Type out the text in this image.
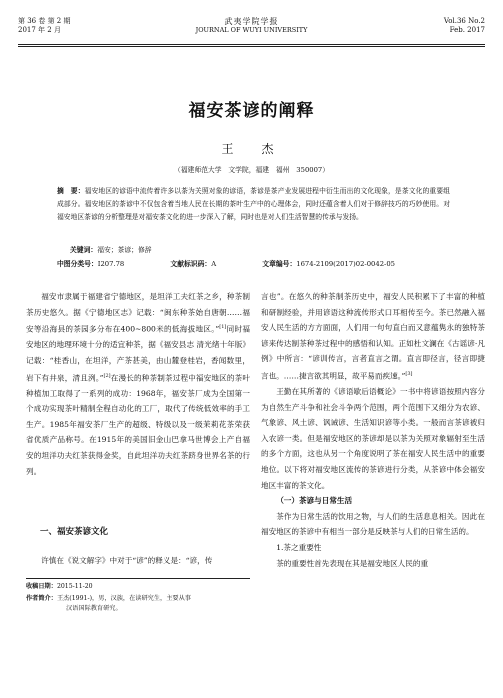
第 36 卷 第 2 期
2017 年 2 月
武夷学院学报
JOURNAL OF WUYI UNIVERSITY
Vol.36 No.2
Feb. 2017
福安茶谚的阐释
王　杰
（福建师范大学　文学院，福建　福州　350007）
摘　要：福安地区的谚语中流传着许多以茶为关照对象的谚语，茶谚是茶产业发展进程中衍生而出的文化现象，是茶文化的重要组成部分。福安地区的茶谚中不仅包含着当地人民在长期的茶叶生产中的心理体会，同时还蕴含着人们对于修辞技巧的巧妙使用。对福安地区茶谚的分析整理是对福安茶文化的进一步深入了解，同时也是对人们生活智慧的传承与发扬。
关键词：福安；茶谚；修辞
中图分类号：I207.78	文献标识码：A	文章编号：1674-2109(2017)02-0042-05

福安市隶属于福建省宁德地区，是坦洋工夫红茶之乡，种茶制茶历史悠久。据《宁德地区志》记载：“闽东种茶始自唐朝……福安等沿海县的茶园多分布在400~800米的低海拔地区。”[1]同时福安地区的地理环境十分的适宜种茶，据《福安县志 清光绪十年版》记载：“桂香山，在坦洋，产茶甚美，由山麓登桂岩，香闻数里，岩下有井泉，清且洌。”[2]在漫长的种茶制茶过程中福安地区的茶叶种植加工取得了一系列的成功：1968年，福安茶厂成为全国第一个成功实现茶叶精制全程自动化的工厂，取代了传统低效率的手工生产。1985年福安茶厂生产的超级、特级以及一级茉莉花茶荣获省优质产品称号。在1915年的美国旧金山巴拿马世博会上产自福安的坦洋功夫红茶获得金奖，自此坦洋功夫红茶跻身世界名茶的行列。

一、福安茶谚文化

许慎在《说文解字》中对于“谚”的释义是：“谚，传

收稿日期：2015-11-20
作者简介：王杰(1991-)，男，汉族，在读研究生，主要从事
汉语国际教育研究。

言也”。在悠久的种茶制茶历史中，福安人民积累下了丰富的种植和研制经验，并用谚语这种流传形式口耳相传至今。茶已然融入福安人民生活的方方面面，人们用一句句直白而又意蕴隽永的独特茶谚来传达制茶种茶过程中的感悟和认知。正如杜文澜在《古谣谚·凡例》中所言：“谚训传言，言者直言之谓。直言即径言，径言即捷言也。……捷言欲其明显，故平易而疾速。”[3]

王勤在其所著的《谚语歇后语概论》一书中将谚语按照内容分为自然生产斗争和社会斗争两个范围，两个范围下又细分为农谚、气象谚、风土谚、讽诫谚、生活知识谚等小类。一般而言茶谚被归入农谚一类。但是福安地区的茶谚却是以茶为关照对象辐射至生活的多个方面，这也从另一个角度说明了茶在福安人民生活中的重要地位。以下将对福安地区流传的茶谚进行分类，从茶谚中体会福安地区丰富的茶文化。

（一）茶谚与日常生活

茶作为日常生活的饮用之物，与人们的生活息息相关。因此在福安地区的茶谚中有相当一部分是反映茶与人们的日常生活的。

1.茶之重要性

茶的重要性首先表现在其是福安地区人民的重
